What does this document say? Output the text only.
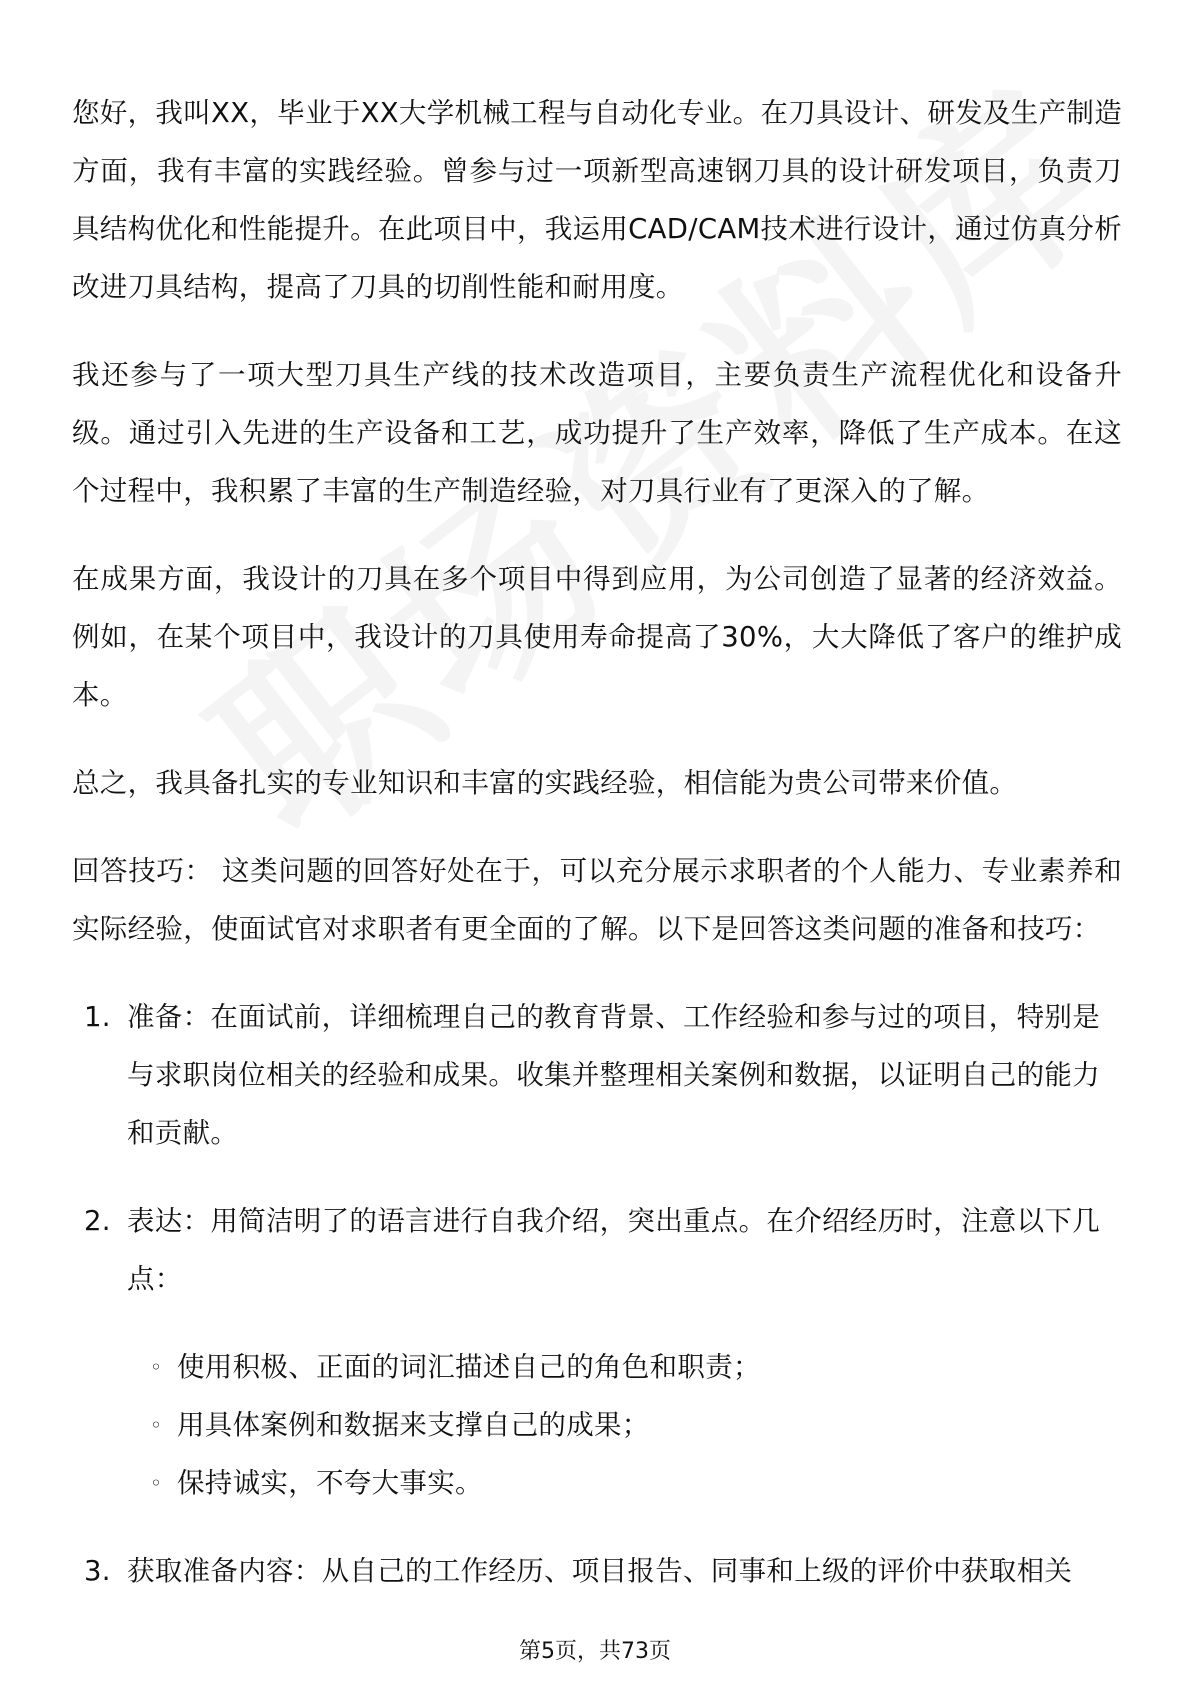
您好，我叫XX，毕业于XX大学机械工程与自动化专业。在刀具设计、研发及生产制造方面，我有丰富的实践经验。曾参与过一项新型高速钢刀具的设计研发项目，负责刀具结构优化和性能提升。在此项目中，我运用CAD/CAM技术进行设计，通过仿真分析改进刀具结构，提高了刀具的切削性能和耐用度。

我还参与了一项大型刀具生产线的技术改造项目，主要负责生产流程优化和设备升级。通过引入先进的生产设备和工艺，成功提升了生产效率，降低了生产成本。在这个过程中，我积累了丰富的生产制造经验，对刀具行业有了更深入的了解。

在成果方面，我设计的刀具在多个项目中得到应用，为公司创造了显著的经济效益。例如，在某个项目中，我设计的刀具使用寿命提高了30%，大大降低了客户的维护成本。

总之，我具备扎实的专业知识和丰富的实践经验，相信能为贵公司带来价值。

回答技巧： 这类问题的回答好处在于，可以充分展示求职者的个人能力、专业素养和实际经验，使面试官对求职者有更全面的了解。以下是回答这类问题的准备和技巧：

1. 准备：在面试前，详细梳理自己的教育背景、工作经验和参与过的项目，特别是与求职岗位相关的经验和成果。收集并整理相关案例和数据，以证明自己的能力和贡献。
2. 表达：用简洁明了的语言进行自我介绍，突出重点。在介绍经历时，注意以下几点：
◦ 使用积极、正面的词汇描述自己的角色和职责；
◦ 用具体案例和数据来支撑自己的成果；
◦ 保持诚实，不夸大事实。
3. 获取准备内容：从自己的工作经历、项目报告、同事和上级的评价中获取相关
第5页，共73页
